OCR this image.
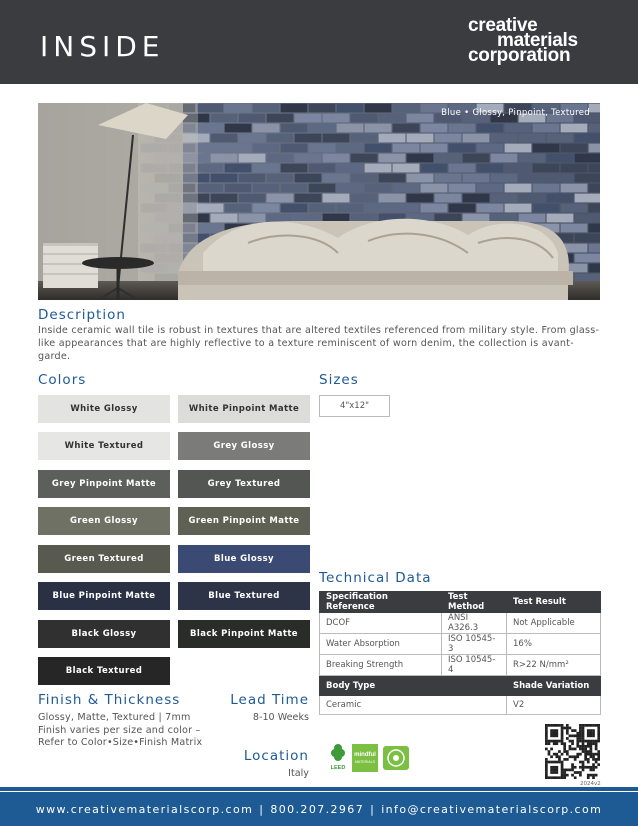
INSIDE
creative
materials
corporation
Blue • Glossy, Pinpoint, Textured
Description
Inside ceramic wall tile is robust in textures that are altered textiles referenced from military style. From glass-like appearances that are highly reflective to a texture reminiscent of worn denim, the collection is avant-garde.
Colors
White Glossy	White Pinpoint Matte
White Textured	Grey Glossy
Grey Pinpoint Matte	Grey Textured
Green Glossy	Green Pinpoint Matte
Green Textured	Blue Glossy
Blue Pinpoint Matte	Blue Textured
Black Glossy	Black Pinpoint Matte
Black Textured
Sizes
4"x12"
Technical Data
Specification Reference	Test Method	Test Result
DCOF	ANSI A326.3	Not Applicable
Water Absorption	ISO 10545-3	16%
Breaking Strength	ISO 10545-4	R>22 N/mm²
Body Type	Shade Variation
Ceramic	V2
Finish & Thickness
Glossy, Matte, Textured | 7mm
Finish varies per size and color –
Refer to Color•Size•Finish Matrix
Lead Time
8-10 Weeks
Location
Italy	LEED
mindful
MATERIALS
2024v2
www.creativematerialscorp.com | 800.207.2967 | info@creativematerialscorp.com
